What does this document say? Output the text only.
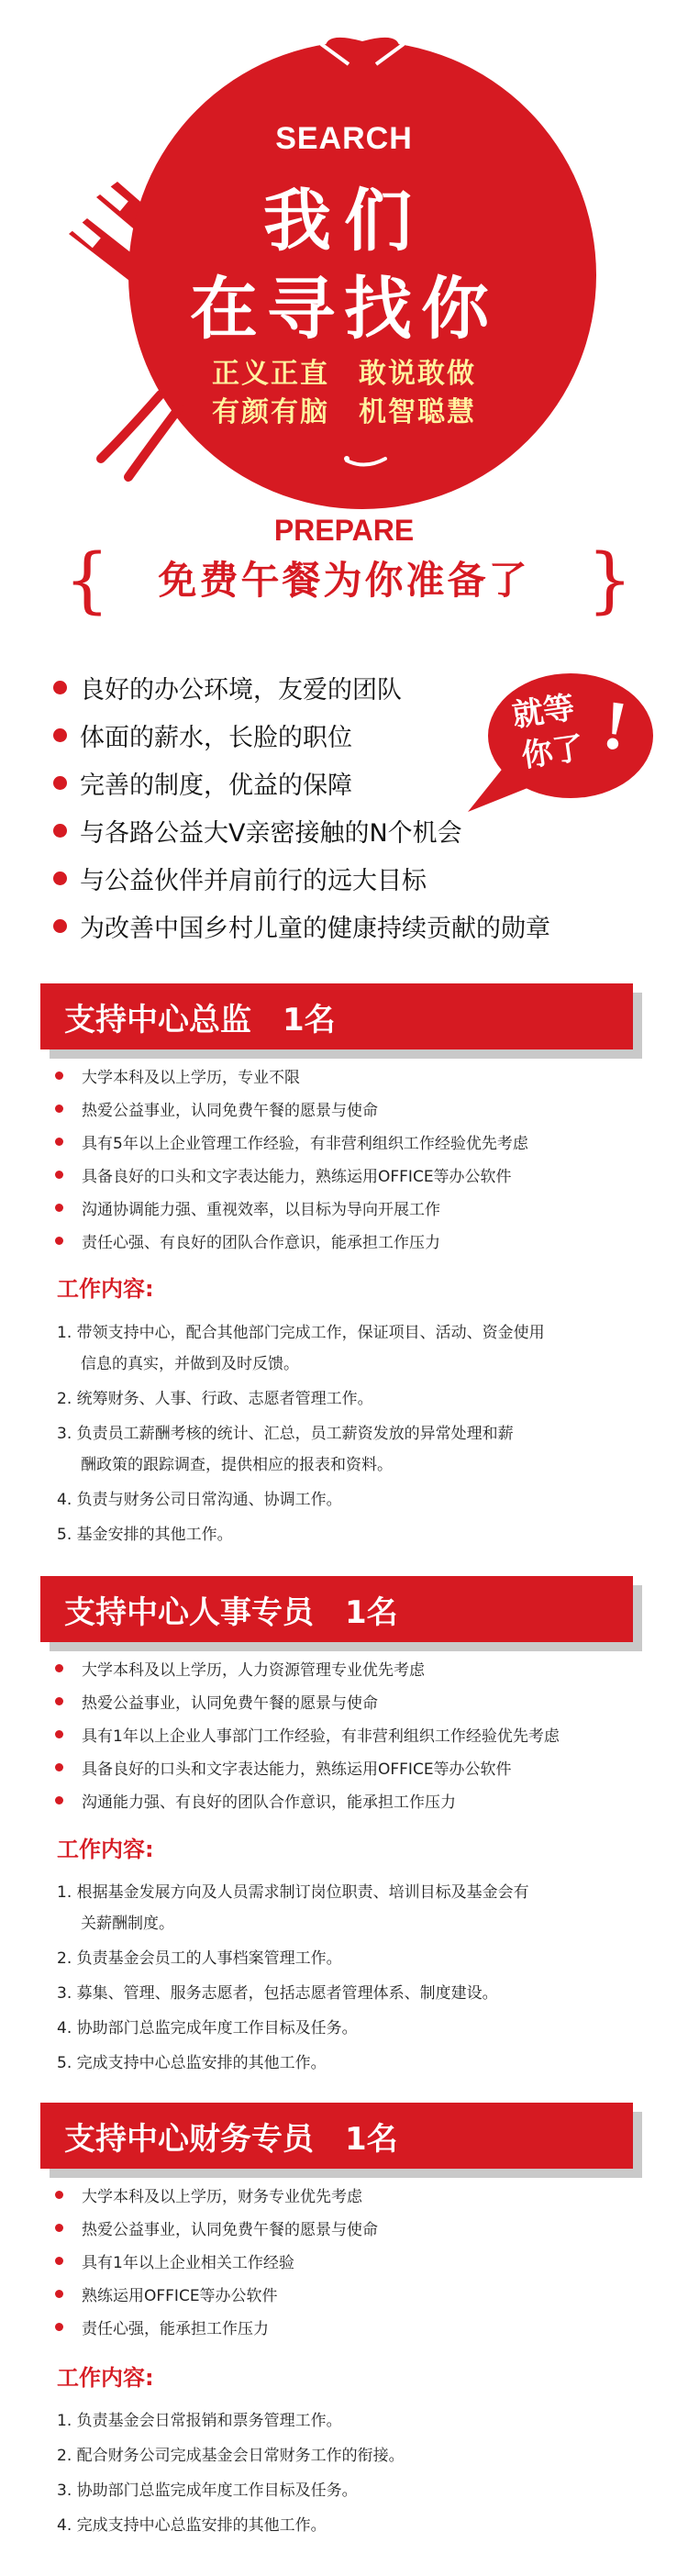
SEARCH
我们
在寻找你
正义正直　敢说敢做
有颜有脑　机智聪慧
PREPARE
{	免费午餐为你准备了 }
良好的办公环境，友爱的团队
体面的薪水，长脸的职位
完善的制度，优益的保障
与各路公益大V亲密接触的N个机会
与公益伙伴并肩前行的远大目标
为改善中国乡村儿童的健康持续贡献的勋章
就等
你了 !
支持中心总监　1名
大学本科及以上学历，专业不限
热爱公益事业，认同免费午餐的愿景与使命
具有5年以上企业管理工作经验，有非营利组织工作经验优先考虑
具备良好的口头和文字表达能力，熟练运用OFFICE等办公软件
沟通协调能力强、重视效率，以目标为导向开展工作
责任心强、有良好的团队合作意识，能承担工作压力
工作内容:
1. 带领支持中心，配合其他部门完成工作，保证项目、活动、资金使用
信息的真实，并做到及时反馈。
2. 统筹财务、人事、行政、志愿者管理工作。
3. 负责员工薪酬考核的统计、汇总，员工薪资发放的异常处理和薪
酬政策的跟踪调查，提供相应的报表和资料。
4. 负责与财务公司日常沟通、协调工作。
5. 基金安排的其他工作。
支持中心人事专员　1名
大学本科及以上学历，人力资源管理专业优先考虑
热爱公益事业，认同免费午餐的愿景与使命
具有1年以上企业人事部门工作经验，有非营利组织工作经验优先考虑
具备良好的口头和文字表达能力，熟练运用OFFICE等办公软件
沟通能力强、有良好的团队合作意识，能承担工作压力
工作内容:
1. 根据基金发展方向及人员需求制订岗位职责、培训目标及基金会有
关薪酬制度。
2. 负责基金会员工的人事档案管理工作。
3. 募集、管理、服务志愿者，包括志愿者管理体系、制度建设。
4. 协助部门总监完成年度工作目标及任务。
5. 完成支持中心总监安排的其他工作。
支持中心财务专员　1名
大学本科及以上学历，财务专业优先考虑
热爱公益事业，认同免费午餐的愿景与使命
具有1年以上企业相关工作经验
熟练运用OFFICE等办公软件
责任心强，能承担工作压力
工作内容:
1. 负责基金会日常报销和票务管理工作。
2. 配合财务公司完成基金会日常财务工作的衔接。
3. 协助部门总监完成年度工作目标及任务。
4. 完成支持中心总监安排的其他工作。
